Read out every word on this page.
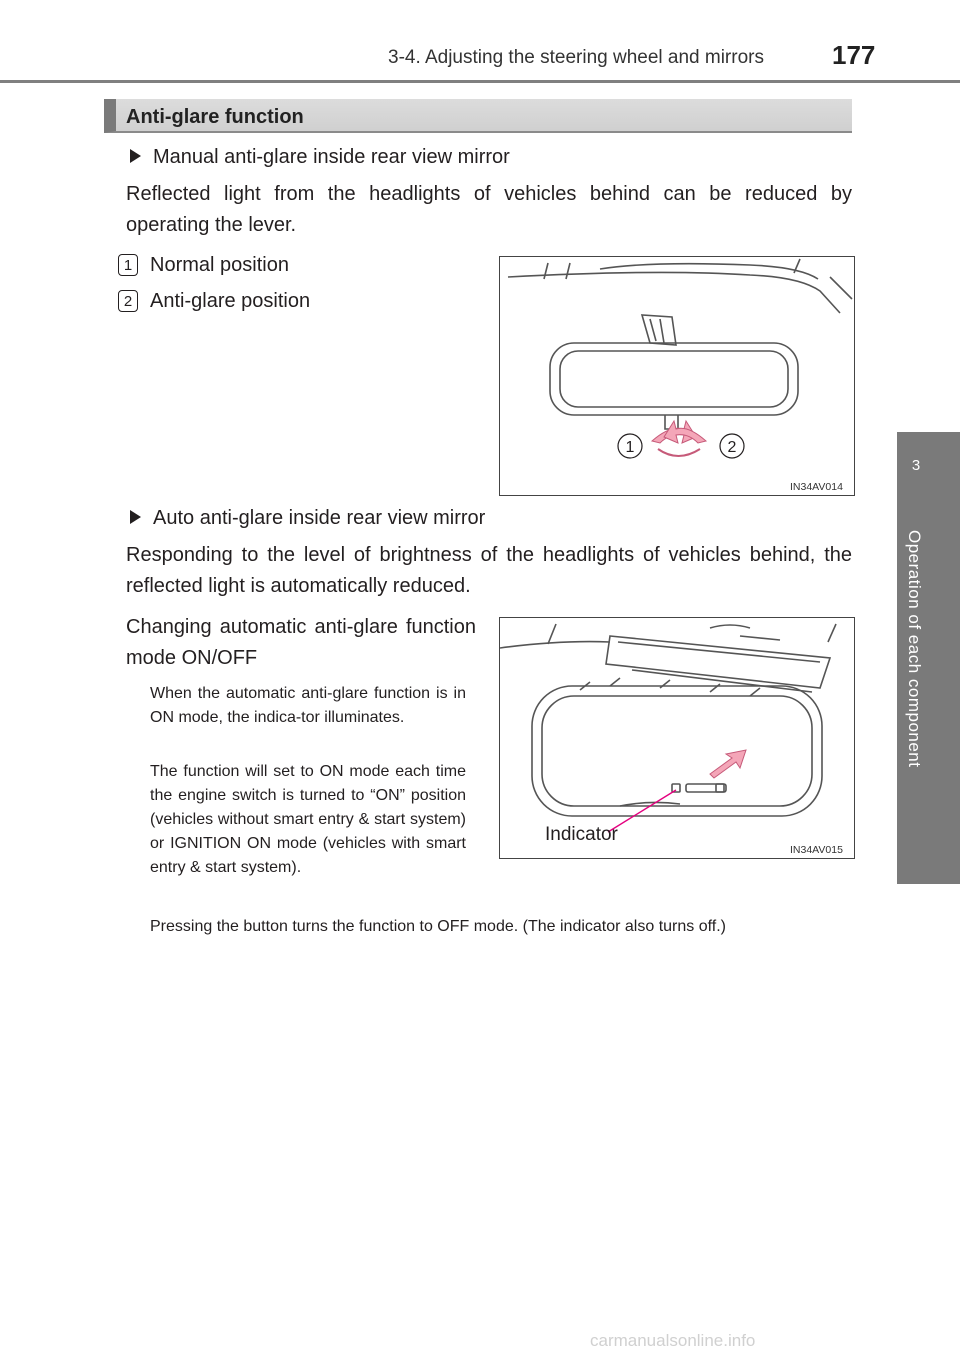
3-4. Adjusting the steering wheel and mirrors	177
3
Operation of each component
Anti-glare function
Manual anti-glare inside rear view mirror
Reflected light from the headlights of vehicles behind can be reduced by operating the lever.
1 Normal position
2 Anti-glare position
1	2
IN34AV014
Auto anti-glare inside rear view mirror
Responding to the level of brightness of the headlights of vehicles behind, the reflected light is automatically reduced.
Changing automatic anti-glare function mode ON/OFF
When the automatic anti-glare function is in ON mode, the indica-tor illuminates.
The function will set to ON mode each time the engine switch is turned to “ON” position (vehicles without smart entry & start system) or IGNITION ON mode (vehicles with smart entry & start system).
Pressing the button turns the function to OFF mode. (The indicator also turns off.)
Indicator
IN34AV015
carmanualsonline.info
